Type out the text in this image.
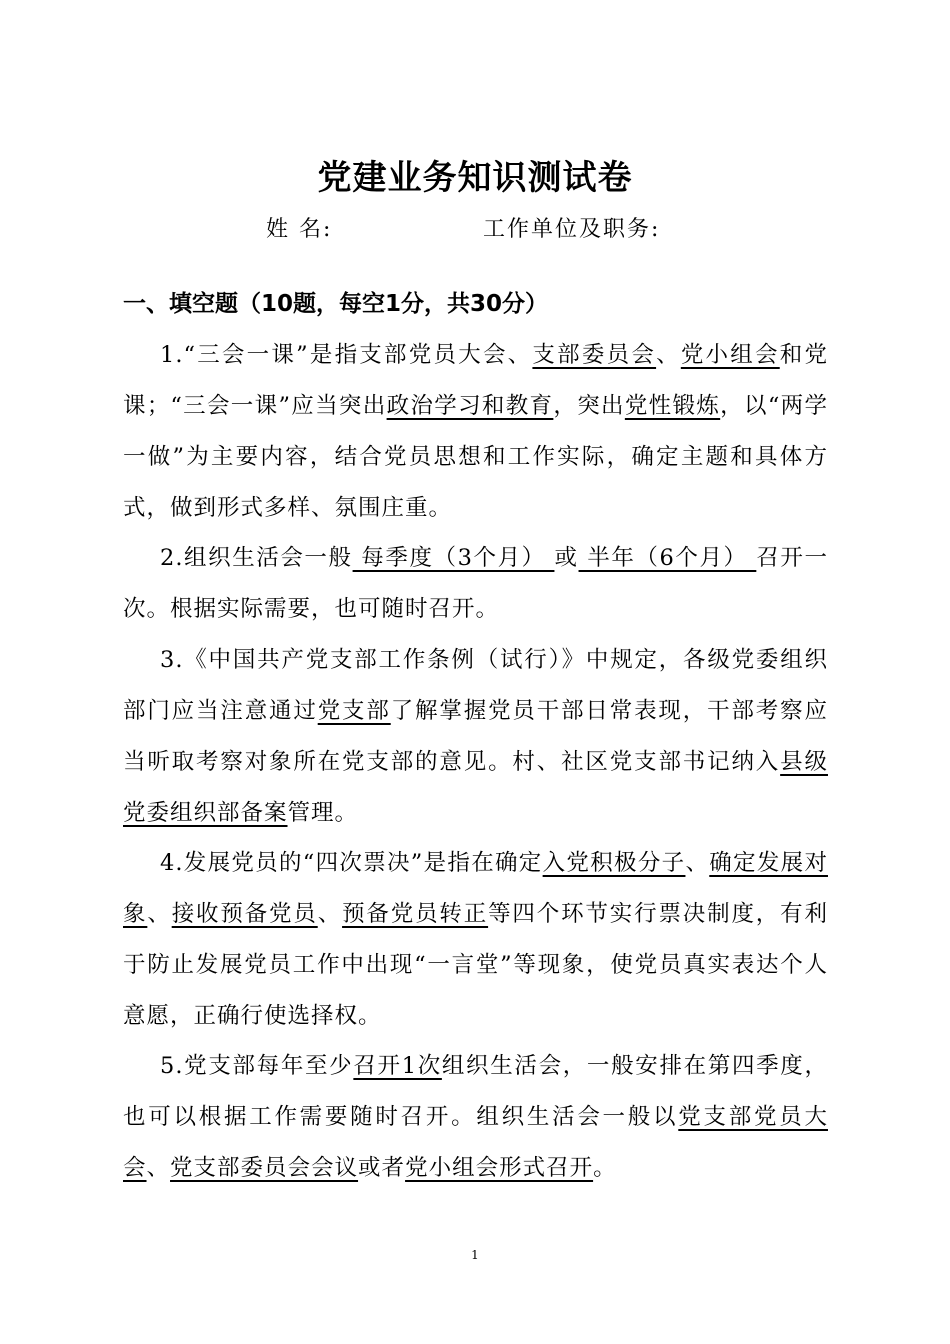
党建业务知识测试卷
姓 名:	工作单位及职务:
一、填空题（10题，每空1分，共30分）
1.“三会一课”是指支部党员大会、支部委员会、党小组会和党课；“三会一课”应当突出政治学习和教育，突出党性锻炼，以“两学一做”为主要内容，结合党员思想和工作实际，确定主题和具体方式，做到形式多样、氛围庄重。
2.组织生活会一般 每季度（3个月） 或 半年（6个月） 召开一次。根据实际需要，也可随时召开。
3.《中国共产党支部工作条例（试行）》中规定，各级党委组织部门应当注意通过党支部了解掌握党员干部日常表现，干部考察应当听取考察对象所在党支部的意见。村、社区党支部书记纳入县级党委组织部备案管理。
4.发展党员的“四次票决”是指在确定入党积极分子、确定发展对象、接收预备党员、预备党员转正等四个环节实行票决制度，有利于防止发展党员工作中出现“一言堂”等现象，使党员真实表达个人意愿，正确行使选择权。
5.党支部每年至少召开1次组织生活会，一般安排在第四季度，也可以根据工作需要随时召开。组织生活会一般以党支部党员大会、党支部委员会会议或者党小组会形式召开。
1
